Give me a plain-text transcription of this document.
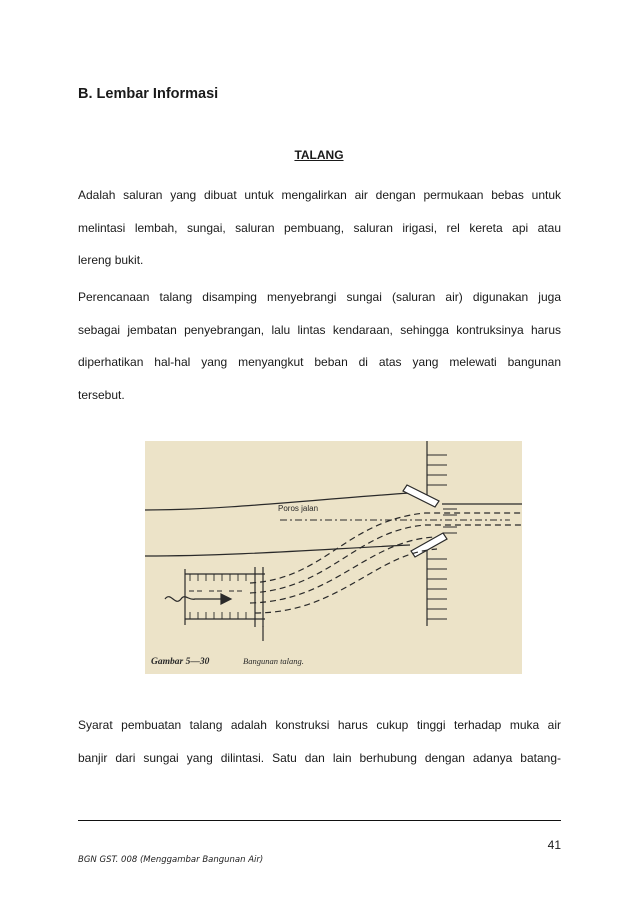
B. Lembar Informasi
TALANG
Adalah saluran yang dibuat untuk mengalirkan air dengan permukaan bebas untuk
melintasi lembah, sungai, saluran pembuang, saluran irigasi, rel kereta api atau
lereng bukit.
Perencanaan talang disamping menyebrangi sungai (saluran air) digunakan juga
sebagai jembatan penyebrangan, lalu lintas kendaraan, sehingga kontruksinya harus
diperhatikan hal-hal yang menyangkut beban di atas yang melewati bangunan
tersebut.
Poros jalan
Gambar 5—30	Bangunan talang.
Syarat pembuatan talang adalah konstruksi harus cukup tinggi terhadap muka air
banjir dari sungai yang dilintasi. Satu dan lain berhubung dengan adanya batang-
41
BGN GST. 008 (Menggambar Bangunan Air)
